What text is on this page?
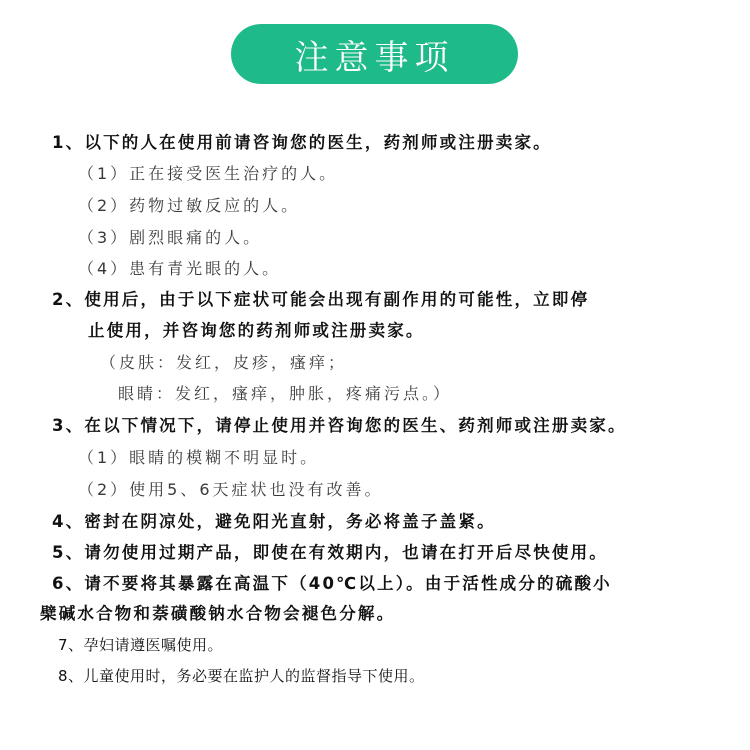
注意事项
1、以下的人在使用前请咨询您的医生，药剂师或注册卖家。
（1）正在接受医生治疗的人。
（2）药物过敏反应的人。
（3）剧烈眼痛的人。
（4）患有青光眼的人。
2、使用后，由于以下症状可能会出现有副作用的可能性，立即停
止使用，并咨询您的药剂师或注册卖家。
（皮肤：发红，皮疹，瘙痒；
眼睛：发红，瘙痒，肿胀，疼痛污点。）
3、在以下情况下，请停止使用并咨询您的医生、药剂师或注册卖家。
（1）眼睛的模糊不明显时。
（2）使用5、6天症状也没有改善。
4、密封在阴凉处，避免阳光直射，务必将盖子盖紧。
5、请勿使用过期产品，即使在有效期内，也请在打开后尽快使用。
6、请不要将其暴露在高温下（40℃以上）。由于活性成分的硫酸小
檗碱水合物和萘磺酸钠水合物会褪色分解。
7、孕妇请遵医嘱使用。
8、儿童使用时，务必要在监护人的监督指导下使用。
